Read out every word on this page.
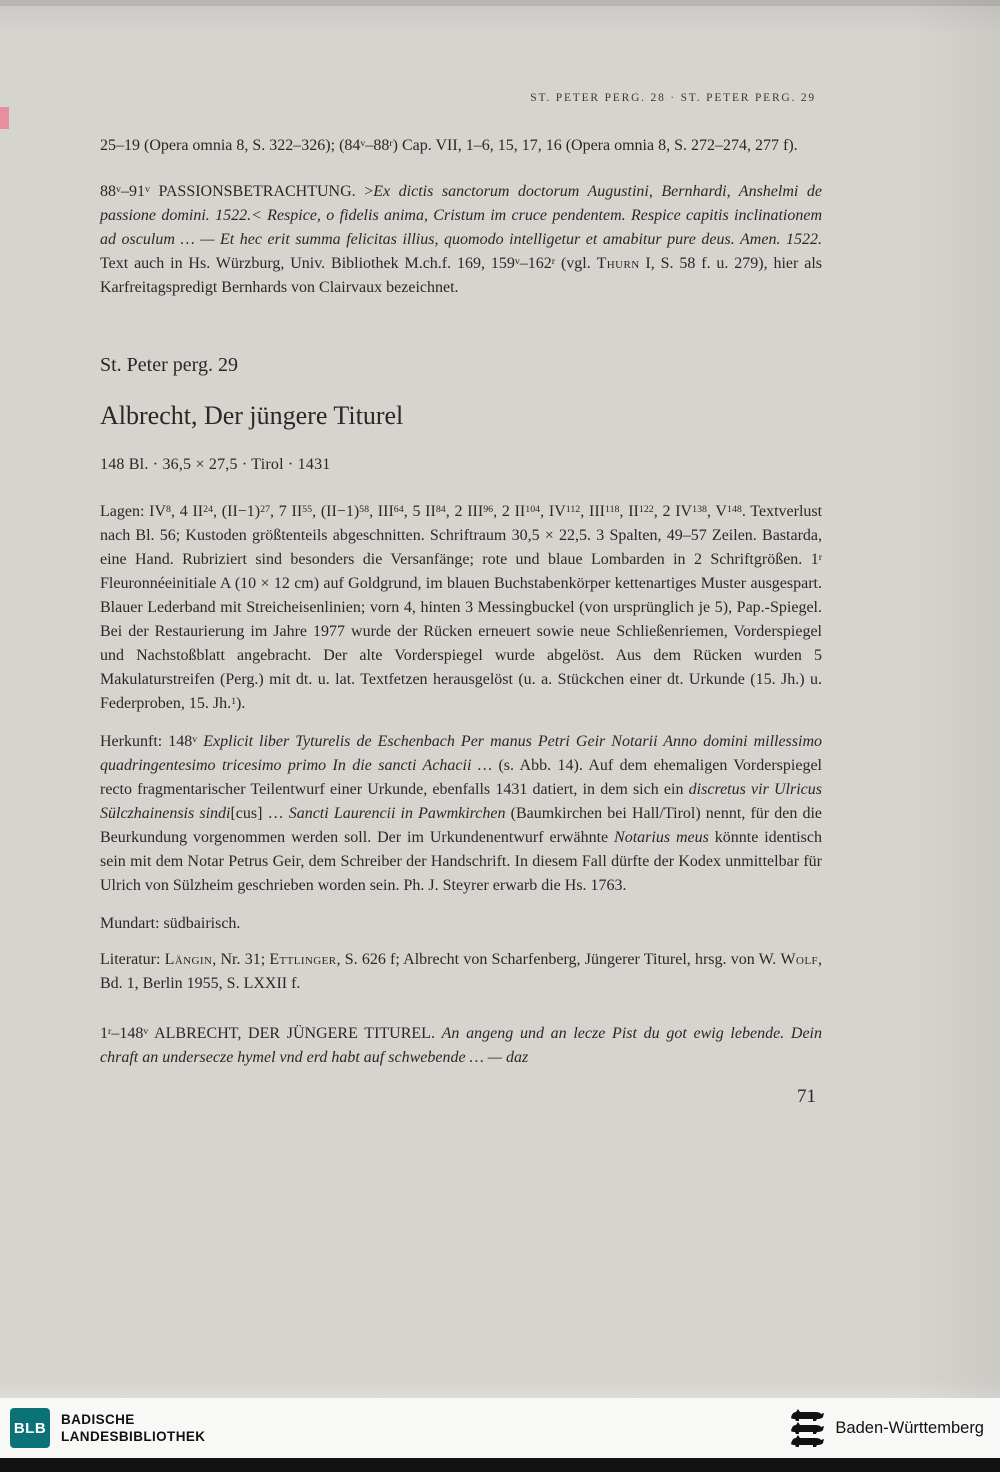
ST. PETER PERG. 28 · ST. PETER PERG. 29

25–19 (Opera omnia 8, S. 322–326); (84$^v$–88$^r$) Cap. VII, 1–6, 15, 17, 16 (Opera omnia 8, S. 272–274, 277 f).

88$^v$–91$^v$ PASSIONSBETRACHTUNG. >Ex dictis sanctorum doctorum Augustini, Bernhardi, Anshelmi de passione domini. 1522.< Respice, o fidelis anima, Cristum im cruce pendentem. Respice capitis inclinationem ad osculum … — Et hec erit summa felicitas illius, quomodo intelligetur et amabitur pure deus. Amen. 1522. Text auch in Hs. Würzburg, Univ. Bibliothek M.ch.f. 169, 159$^v$–162$^r$ (vgl. Thurn I, S. 58 f. u. 279), hier als Karfreitagspredigt Bernhards von Clairvaux bezeichnet.

St. Peter perg. 29
Albrecht, Der jüngere Titurel
148 Bl. · 36,5 × 27,5 · Tirol · 1431

Lagen: $IV^8$, 4 II$^{24}$, $(II-1)^{27}$, 7 II$^{55}$, $(II-1)^{58}$, III$^{64}$, 5 II$^{84}$, 2 III$^{96}$, 2 II$^{104}$, IV$^{112}$, III$^{118}$, II$^{122}$, 2 IV$^{138}$, $V^{148}$. Textverlust nach Bl. 56; Kustoden größtenteils abgeschnitten. Schriftraum 30,5 × 22,5. 3 Spalten, 49–57 Zeilen. Bastarda, eine Hand. Rubriziert sind besonders die Versanfänge; rote und blaue Lombarden in 2 Schriftgrößen. 1$^r$ Fleuronnéeinitiale A (10 × 12 cm) auf Goldgrund, im blauen Buchstabenkörper kettenartiges Muster ausgespart. Blauer Lederband mit Streicheisenlinien; vorn 4, hinten 3 Messingbuckel (von ursprünglich je 5), Pap.-Spiegel. Bei der Restaurierung im Jahre 1977 wurde der Rücken erneuert sowie neue Schließenriemen, Vorderspiegel und Nachstoßblatt angebracht. Der alte Vorderspiegel wurde abgelöst. Aus dem Rücken wurden 5 Makulaturstreifen (Perg.) mit dt. u. lat. Textfetzen herausgelöst (u. a. Stückchen einer dt. Urkunde (15. Jh.) u. Federproben, 15. Jh.$^1$).

Herkunft: 148$^v$ Explicit liber Tyturelis de Eschenbach Per manus Petri Geir Notarii Anno domini millessimo quadringentesimo tricesimo primo In die sancti Achacii … (s. Abb. 14). Auf dem ehemaligen Vorderspiegel recto fragmentarischer Teilentwurf einer Urkunde, ebenfalls 1431 datiert, in dem sich ein discretus vir Ulricus Sülczhainensis sindi[cus] … Sancti Laurencii in Pawmkirchen (Baumkirchen bei Hall/Tirol) nennt, für den die Beurkundung vorgenommen werden soll. Der im Urkundenentwurf erwähnte Notarius meus könnte identisch sein mit dem Notar Petrus Geir, dem Schreiber der Handschrift. In diesem Fall dürfte der Kodex unmittelbar für Ulrich von Sülzheim geschrieben worden sein. Ph. J. Steyrer erwarb die Hs. 1763.

Mundart: südbairisch.

Literatur: Längin, Nr. 31; Ettlinger, S. 626 f; Albrecht von Scharfenberg, Jüngerer Titurel, hrsg. von W. Wolf, Bd. 1, Berlin 1955, S. LXXII f.

1$^r$–148$^v$ ALBRECHT, DER JÜNGERE TITUREL. An angeng und an lecze Pist du got ewig lebende. Dein chraft an undersecze hymel vnd erd habt auf schwebende … — daz

71
BLB BADISCHE
LANDESBIBLIOTHEK	Baden-Württemberg
